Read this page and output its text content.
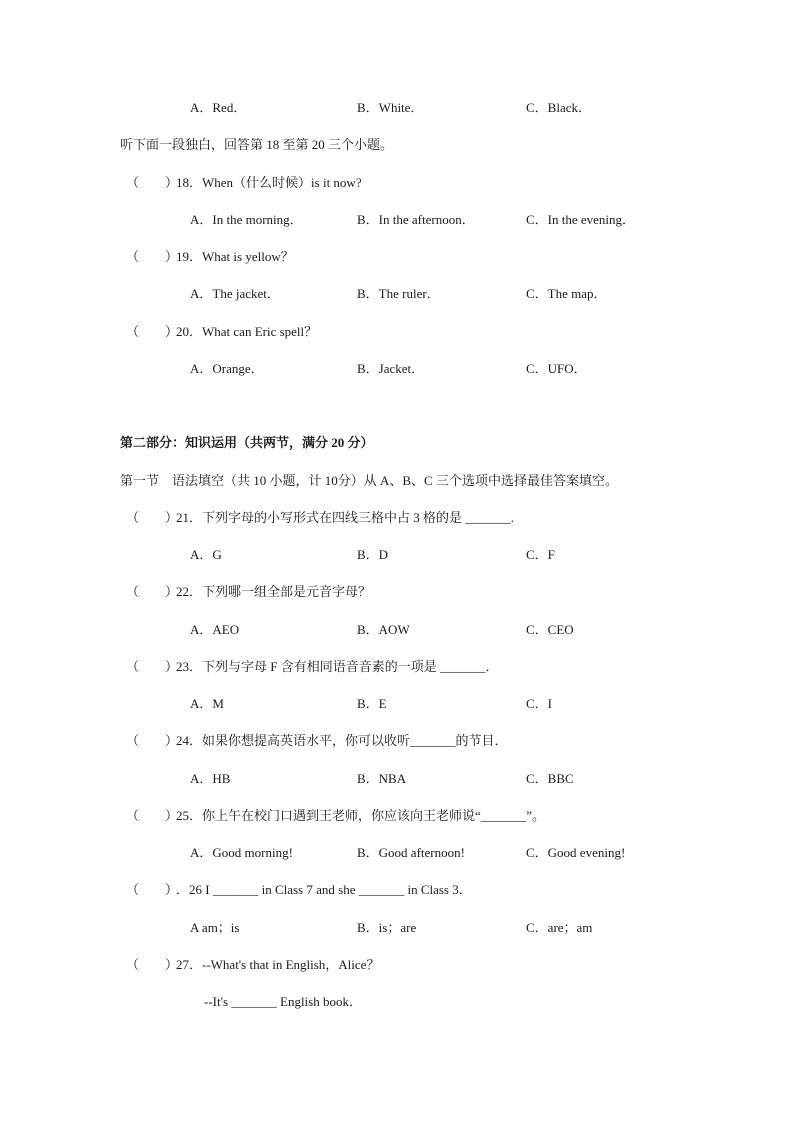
A．Red．	B．White．	C．Black．
听下面一段独白，回答第 18 至第 20 三个小题。
（　　）
18．When（什么时候）is it now?
A．In the morning．	B．In the afternoon．	C．In the evening．
（　　）
19．What is yellow？
A．The jacket．	B．The ruler．	C．The map．
（　　）
20．What can Eric spell？
A．Orange．	B．Jacket．	C．UFO．
第二部分：知识运用（共两节，满分 20 分）
第一节　语法填空（共 10 小题，计 10分）从 A、B、C 三个选项中选择最佳答案填空。
（　　）
21．下列字母的小写形式在四线三格中占 3 格的是 _______.
A．G	B．D	C．F
（　　）
22．下列哪一组全部是元音字母？
A．AEO	B．AOW	C．CEO
（　　）
23．下列与字母 F 含有相同语音音素的一项是 _______．
A．M	B．E	C．I
（　　）
24．如果你想提高英语水平，你可以收听_______的节目．
A．HB	B．NBA	C．BBC
（　　）
25．你上午在校门口遇到王老师，你应该向王老师说“_______”。
A．Good morning!	B．Good afternoon!	C．Good evening!
（　　）
．26 I _______ in Class 7 and she _______ in Class 3．
A am；is	B．is；are	C．are；am
（　　）
27．--What's that in English，Alice？
--It's _______ English book．
